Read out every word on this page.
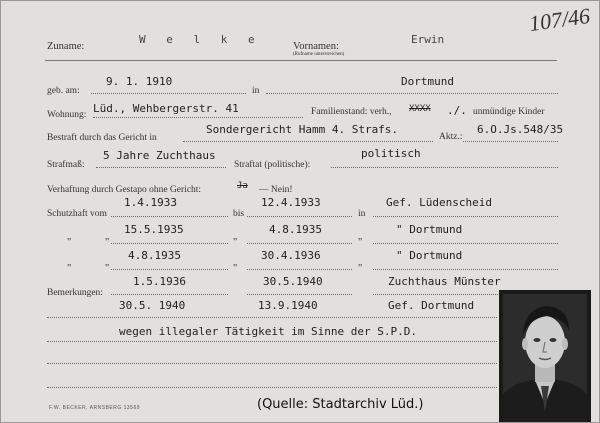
107/46
Zuname:
W e l k e
Vornamen:
(Rufname unterstreichen)
Erwin
geb. am:
9. 1. 1910
in
Dortmund
Wohnung: Lüd., Wehbergerstr. 41	Familienstand: verh., XXXX ./. unmündige Kinder
Bestraft durch das Gericht in
Sondergericht Hamm 4. Strafs.
Aktz.:
6.O.Js.548/35
Strafmaß:
5 Jahre Zuchthaus
Straftat (politische):
politisch
Verhaftung durch Gestapo ohne Gericht:	Ja — Nein!
Schutzhaft vom	bis	in
1.4.1933	12.4.1933	Gef. Lüdenscheid
"	"	"	"
15.5.1935	4.8.1935	" Dortmund
"	"	"	"
4.8.1935	30.4.1936	" Dortmund
Bemerkungen:
1.5.1936	30.5.1940	Zuchthaus Münster
30.5. 1940	13.9.1940	Gef. Dortmund
wegen illegaler Tätigkeit im Sinne der S.P.D.
F.W. BECKER, ARNSBERG 13569	(Quelle: Stadtarchiv Lüd.)
